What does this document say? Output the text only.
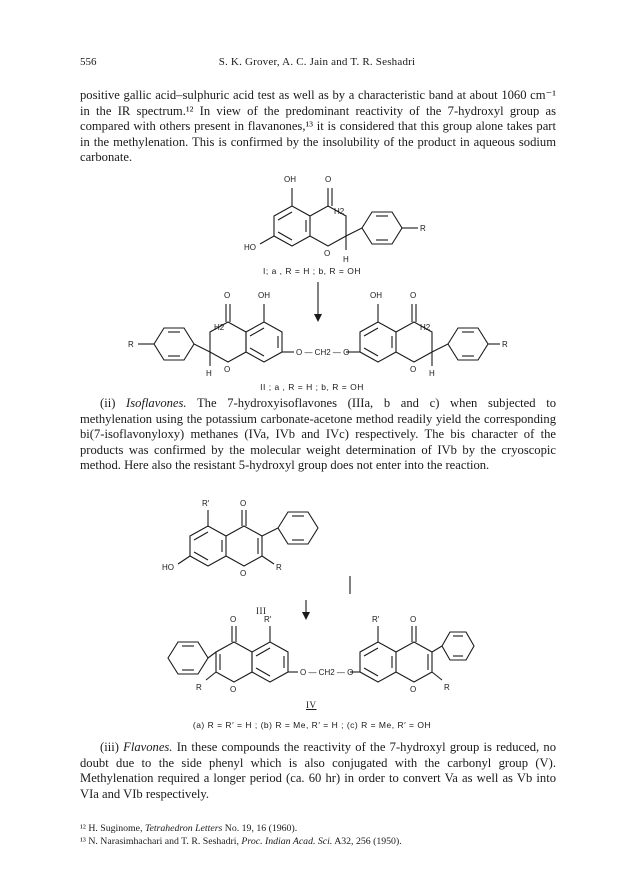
556	S. K. Grover, A. C. Jain and T. R. Seshadri

positive gallic acid–sulphuric acid test as well as by a characteristic band at about 1060 cm⁻¹ in the IR spectrum.¹² In view of the predominant reactivity of the 7-hydroxyl group as compared with others present in flavanones,¹³ it is considered that this group alone takes part in the methylenation. This is confirmed by the insolubility of the product in aqueous sodium carbonate.

OH	O
H2
R
HO
O
H
I; a , R = H ; b, R = OH
O	OH
R
H2
H O
O — CH2 — O
OH	O
H2
O H
R
II ; a , R = H ; b, R = OH

(ii) Isoflavones. The 7-hydroxyisoflavones (IIIa, b and c) when subjected to methylenation using the potassium carbonate-acetone method readily yield the corresponding bi(7-isoflavonyloxy) methanes (IVa, IVb and IVc) respectively. The bis character of the products was confirmed by the molecular weight determination of IVb by the cryoscopic method. Here also the resistant 5-hydroxyl group does not enter into the reaction.

R′	O
HO
O
R
III
O	R′
R	O
O — CH2 — O
R′	O
O	R
IV
(a) R = R′ = H ; (b) R = Me, R′ = H ; (c) R = Me, R′ = OH

(iii) Flavones. In these compounds the reactivity of the 7-hydroxyl group is reduced, no doubt due to the side phenyl which is also conjugated with the carbonyl group (V). Methylenation required a longer period (ca. 60 hr) in order to convert Va as well as Vb into VIa and VIb respectively.

¹² H. Suginome, Tetrahedron Letters No. 19, 16 (1960).
¹³ N. Narasimhachari and T. R. Seshadri, Proc. Indian Acad. Sci. A32, 256 (1950).
